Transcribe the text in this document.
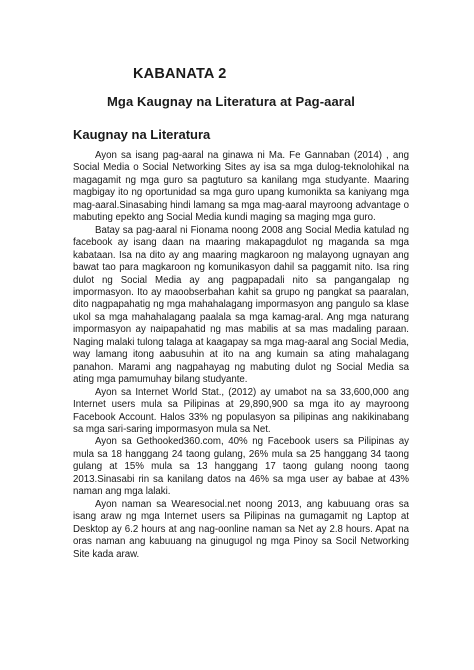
KABANATA 2
Mga Kaugnay na Literatura at Pag-aaral
Kaugnay na Literatura

Ayon sa isang pag-aaral na ginawa ni Ma. Fe Gannaban (2014) , ang Social Media o Social Networking Sites ay isa sa mga dulog-teknolohikal na magagamit ng mga guro sa pagtuturo sa kanilang mga studyante. Maaring magbigay ito ng oportunidad sa mga guro upang kumonikta sa kaniyang mga mag-aaral.Sinasabing hindi lamang sa mga mag-aaral mayroong advantage o mabuting epekto ang Social Media kundi maging sa maging mga guro.

Batay sa pag-aaral ni Fionama noong 2008 ang Social Media katulad ng facebook ay isang daan na maaring makapagdulot ng maganda sa mga kabataan. Isa na dito ay ang maaring magkaroon ng malayong ugnayan ang bawat tao para magkaroon ng komunikasyon dahil sa paggamit nito. Isa ring dulot ng Social Media ay ang pagpapadali nito sa pangangalap ng impormasyon. Ito ay maoobserbahan kahit sa grupo ng pangkat sa paaralan, dito nagpapahatig ng mga mahahalagang impormasyon ang pangulo sa klase ukol sa mga mahahalagang paalala sa mga kamag-aral. Ang mga naturang impormasyon ay naipapahatid ng mas mabilis at sa mas madaling paraan. Naging malaki tulong talaga at kaagapay sa mga mag-aaral ang Social Media, way lamang itong aabusuhin at ito na ang kumain sa ating mahalagang panahon. Marami ang nagpahayag ng mabuting dulot ng Social Media sa ating mga pamumuhay bilang studyante.

Ayon sa Internet World Stat., (2012) ay umabot na sa 33,600,000 ang Internet users mula sa Pilipinas at 29,890,900 sa mga ito ay mayroong Facebook Account. Halos 33% ng populasyon sa pilipinas ang nakikinabang sa mga sari-saring impormasyon mula sa Net.

Ayon sa Gethooked360.com, 40% ng Facebook users sa Pilipinas ay mula sa 18 hanggang 24 taong gulang, 26% mula sa 25 hanggang 34 taong gulang at 15% mula sa 13 hanggang 17 taong gulang noong taong 2013.Sinasabi rin sa kanilang datos na 46% sa mga user ay babae at 43% naman ang mga lalaki.

Ayon naman sa Wearesocial.net noong 2013, ang kabuuang oras sa isang araw ng mga Internet users sa Pilipinas na gumagamit ng Laptop at Desktop ay 6.2 hours at ang nag-oonline naman sa Net ay 2.8 hours. Apat na oras naman ang kabuuang na ginugugol ng mga Pinoy sa Socil Networking Site kada araw.
